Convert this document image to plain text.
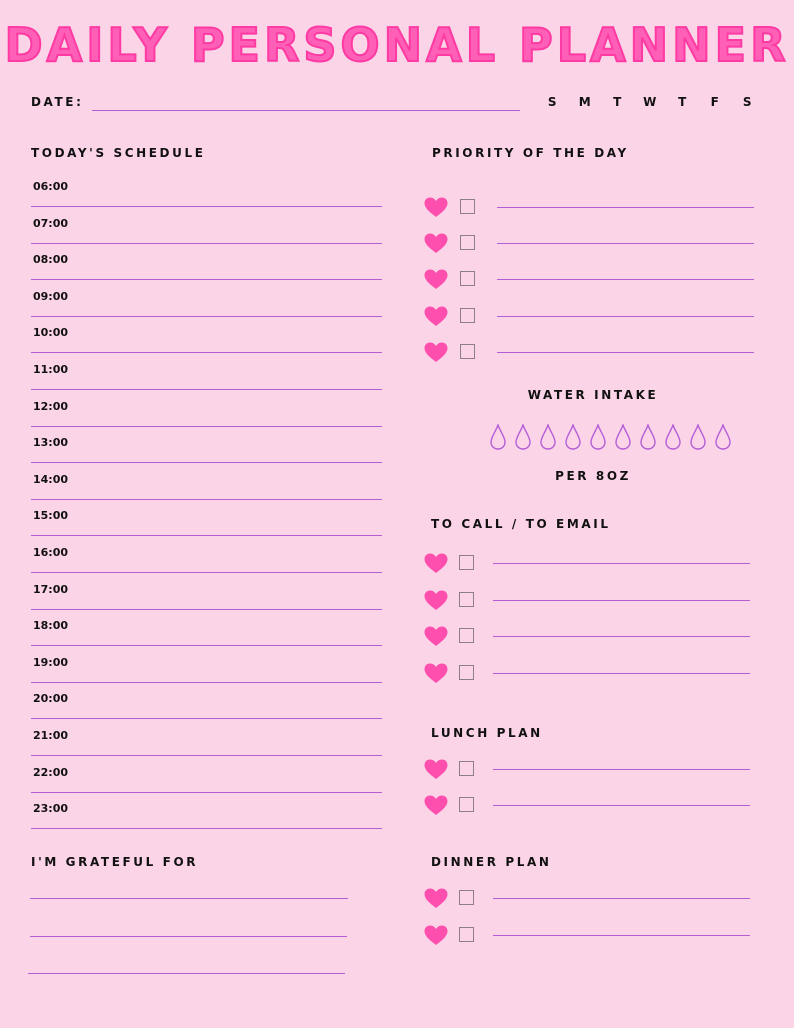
DAILY PERSONAL PLANNER
DATE:	S M T W T F S
TODAY'S SCHEDULE
06:00
07:00
08:00
09:00
10:00
11:00
12:00
13:00
14:00
15:00
16:00
17:00
18:00
19:00
20:00
21:00
22:00
23:00
I'M GRATEFUL FOR
PRIORITY OF THE DAY
WATER INTAKE
PER 8OZ
TO CALL / TO EMAIL
LUNCH PLAN
DINNER PLAN
